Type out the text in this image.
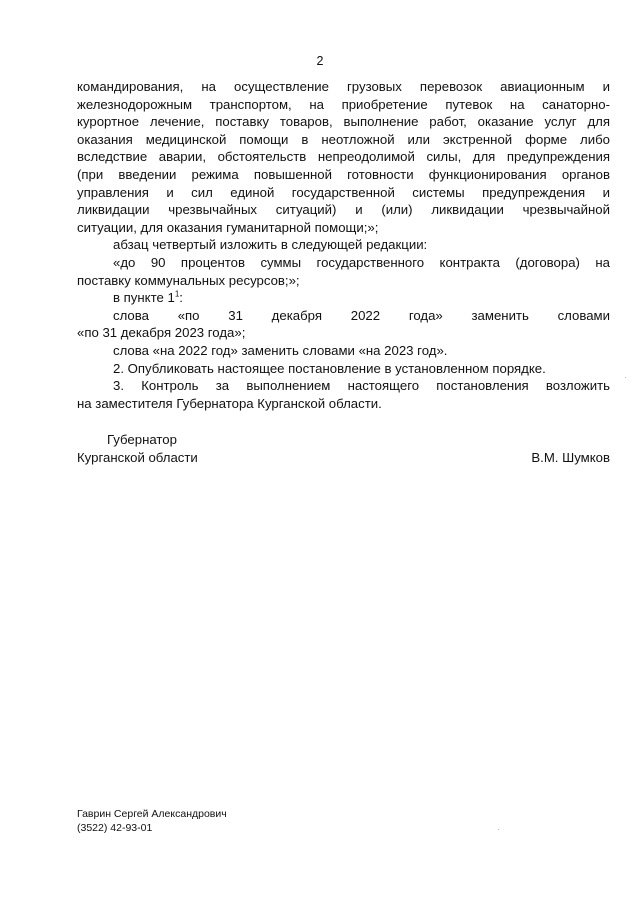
2
командирования, на осуществление грузовых перевозок авиационным и
железнодорожным транспортом, на приобретение путевок на санаторно-
курортное лечение, поставку товаров, выполнение работ, оказание услуг для
оказания медицинской помощи в неотложной или экстренной форме либо
вследствие аварии, обстоятельств непреодолимой силы, для предупреждения
(при введении режима повышенной готовности функционирования органов
управления и сил единой государственной системы предупреждения и
ликвидации чрезвычайных ситуаций) и (или) ликвидации чрезвычайной
ситуации, для оказания гуманитарной помощи;»;
абзац четвертый изложить в следующей редакции:
«до 90 процентов суммы государственного контракта (договора) на
поставку коммунальных ресурсов;»;
в пункте $1^1$:
слова «по 31 декабря 2022 года» заменить словами
«по 31 декабря 2023 года»;
слова «на 2022 год» заменить словами «на 2023 год».
2. Опубликовать настоящее постановление в установленном порядке.
3. Контроль за выполнением настоящего постановления возложить
на заместителя Губернатора Курганской области.
Губернатор
Курганской области	В.М. Шумков
Гаврин Сергей Александрович
(3522) 42-93-01
